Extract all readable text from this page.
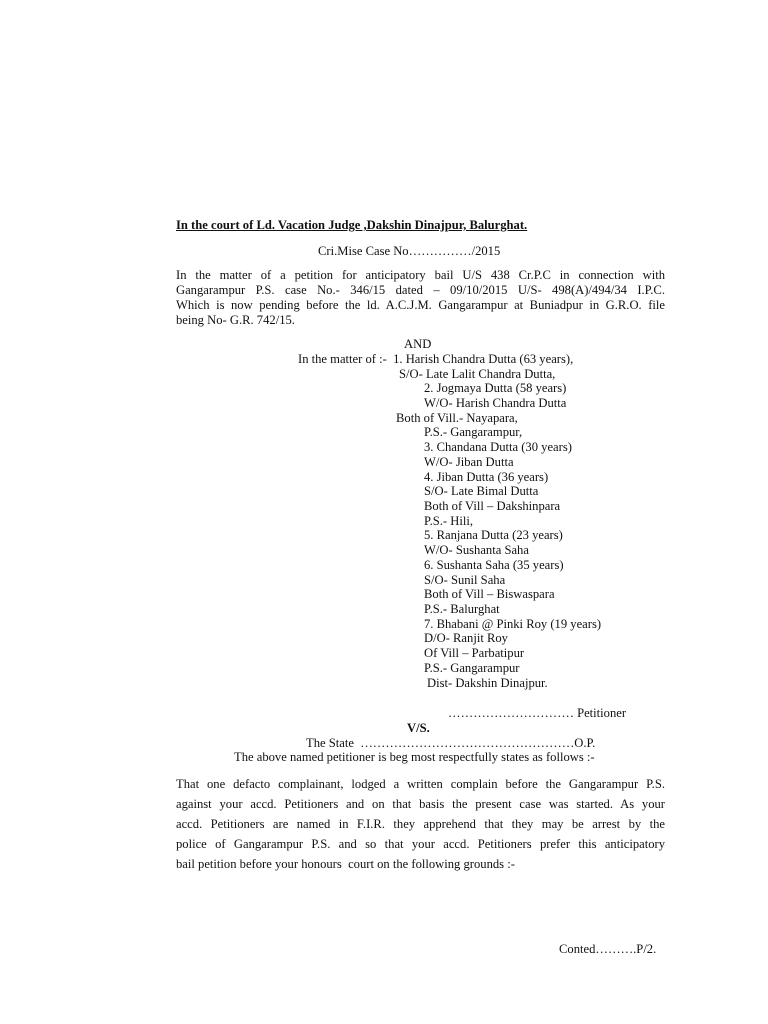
In the court of Ld. Vacation Judge ,Dakshin Dinajpur, Balurghat.
Cri.Mise Case No……………/2015
In the matter of a petition for anticipatory bail U/S 438 Cr.P.C in connection with
Gangarampur P.S. case No.- 346/15 dated – 09/10/2015 U/S- 498(A)/494/34 I.P.C.
Which is now pending before the ld. A.C.J.M. Gangarampur at Buniadpur in G.R.O. file
being No- G.R. 742/15.
AND
In the matter of :-  1. Harish Chandra Dutta (63 years),
S/O- Late Lalit Chandra Dutta,
2. Jogmaya Dutta (58 years)
W/O- Harish Chandra Dutta
Both of Vill.- Nayapara,
P.S.- Gangarampur,
3. Chandana Dutta (30 years)
W/O- Jiban Dutta
4. Jiban Dutta (36 years)
S/O- Late Bimal Dutta
Both of Vill – Dakshinpara
P.S.- Hili,
5. Ranjana Dutta (23 years)
W/O- Sushanta Saha
6. Sushanta Saha (35 years)
S/O- Sunil Saha
Both of Vill – Biswaspara
P.S.- Balurghat
7. Bhabani @ Pinki Roy (19 years)
D/O- Ranjit Roy
Of Vill – Parbatipur
P.S.- Gangarampur
Dist- Dakshin Dinajpur.
………………………… Petitioner
V/S.
The State  ……………………………………………O.P.
The above named petitioner is beg most respectfully states as follows :-
That one defacto complainant, lodged a written complain before the Gangarampur P.S.
against your accd. Petitioners and on that basis the present case was started. As your
accd. Petitioners are named in F.I.R. they apprehend that they may be arrest by the
police of Gangarampur P.S. and so that your accd. Petitioners prefer this anticipatory
bail petition before your honours  court on the following grounds :-
Conted……….P/2.
